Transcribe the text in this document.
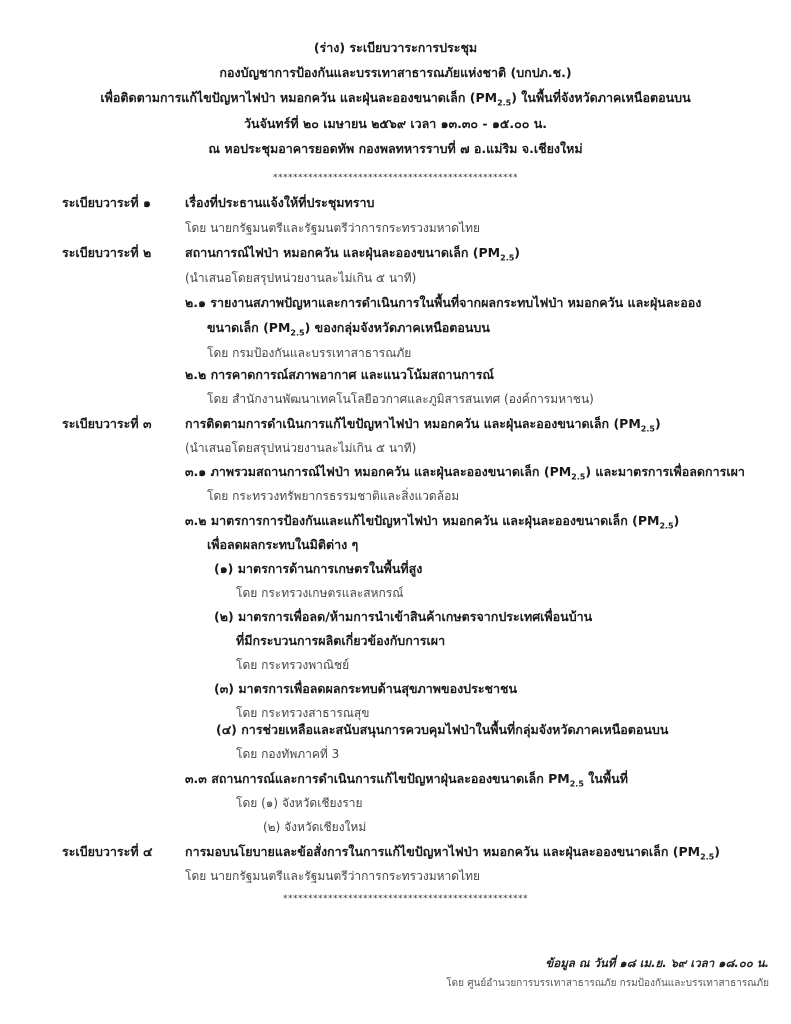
(ร่าง) ระเบียบวาระการประชุม
กองบัญชาการป้องกันและบรรเทาสาธารณภัยแห่งชาติ (บกปภ.ช.)
เพื่อติดตามการแก้ไขปัญหาไฟป่า หมอกควัน และฝุ่นละอองขนาดเล็ก $(PM_{2.5})$ ในพื้นที่จังหวัดภาคเหนือตอนบน
วันจันทร์ที่ ๒๐ เมษายน ๒๕๖๙ เวลา ๑๓.๓๐ - ๑๕.๐๐ น.
ณ หอประชุมอาคารยอดทัพ กองพลทหารราบที่ ๗ อ.แม่ริม จ.เชียงใหม่
*************************************************
ระเบียบวาระที่ ๑	เรื่องที่ประธานแจ้งให้ที่ประชุมทราบ
โดย นายกรัฐมนตรีและรัฐมนตรีว่าการกระทรวงมหาดไทย
ระเบียบวาระที่ ๒	สถานการณ์ไฟป่า หมอกควัน และฝุ่นละอองขนาดเล็ก $(PM_{2.5})$
(นำเสนอโดยสรุปหน่วยงานละไม่เกิน ๕ นาที)
๒.๑ รายงานสภาพปัญหาและการดำเนินการในพื้นที่จากผลกระทบไฟป่า หมอกควัน และฝุ่นละออง
ขนาดเล็ก $(PM_{2.5})$ ของกลุ่มจังหวัดภาคเหนือตอนบน
โดย กรมป้องกันและบรรเทาสาธารณภัย
๒.๒ การคาดการณ์สภาพอากาศ และแนวโน้มสถานการณ์
โดย สำนักงานพัฒนาเทคโนโลยีอวกาศและภูมิสารสนเทศ (องค์การมหาชน)
ระเบียบวาระที่ ๓	การติดตามการดำเนินการแก้ไขปัญหาไฟป่า หมอกควัน และฝุ่นละอองขนาดเล็ก $(PM_{2.5})$
(นำเสนอโดยสรุปหน่วยงานละไม่เกิน ๕ นาที)
๓.๑ ภาพรวมสถานการณ์ไฟป่า หมอกควัน และฝุ่นละอองขนาดเล็ก $(PM_{2.5})$ และมาตรการเพื่อลดการเผา
โดย กระทรวงทรัพยากรธรรมชาติและสิ่งแวดล้อม
๓.๒ มาตรการการป้องกันและแก้ไขปัญหาไฟป่า หมอกควัน และฝุ่นละอองขนาดเล็ก $(PM_{2.5})$
เพื่อลดผลกระทบในมิติต่าง ๆ
(๑) มาตรการด้านการเกษตรในพื้นที่สูง
โดย กระทรวงเกษตรและสหกรณ์
(๒) มาตรการเพื่อลด/ห้ามการนำเข้าสินค้าเกษตรจากประเทศเพื่อนบ้าน
ที่มีกระบวนการผลิตเกี่ยวข้องกับการเผา
โดย กระทรวงพาณิชย์
(๓) มาตรการเพื่อลดผลกระทบด้านสุขภาพของประชาชน
โดย กระทรวงสาธารณสุข
(๔) การช่วยเหลือและสนับสนุนการควบคุมไฟป่าในพื้นที่กลุ่มจังหวัดภาคเหนือตอนบน
โดย กองทัพภาคที่ 3
๓.๓ สถานการณ์และการดำเนินการแก้ไขปัญหาฝุ่นละอองขนาดเล็ก $PM_{2.5}$ ในพื้นที่
โดย (๑) จังหวัดเชียงราย
(๒) จังหวัดเชียงใหม่
ระเบียบวาระที่ ๔	การมอบนโยบายและข้อสั่งการในการแก้ไขปัญหาไฟป่า หมอกควัน และฝุ่นละอองขนาดเล็ก $(PM_{2.5})$
โดย นายกรัฐมนตรีและรัฐมนตรีว่าการกระทรวงมหาดไทย
*************************************************
ข้อมูล ณ วันที่ ๑๘ เม.ย. ๖๙ เวลา ๑๘.๐๐ น.
โดย ศูนย์อำนวยการบรรเทาสาธารณภัย กรมป้องกันและบรรเทาสาธารณภัย
